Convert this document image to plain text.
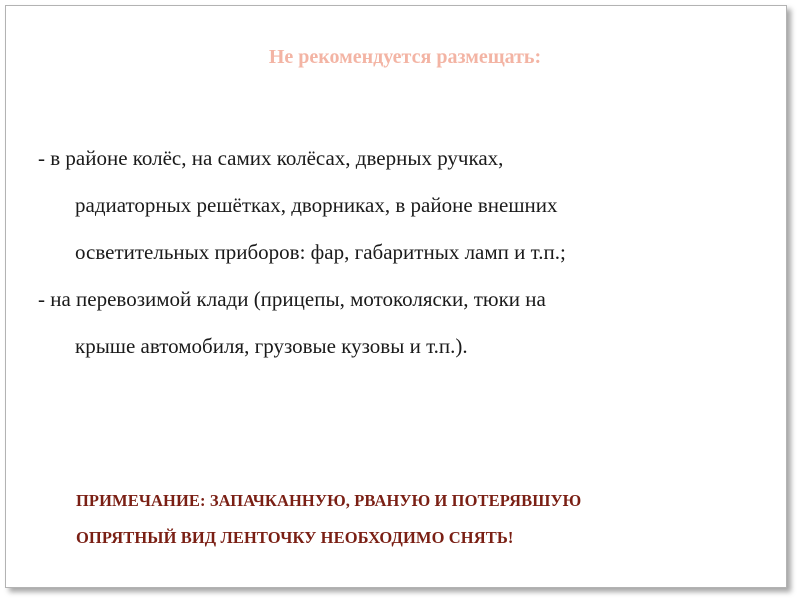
Не рекомендуется размещать:
- в районе колёс, на самих колёсах, дверных ручках,
радиаторных решётках, дворниках, в районе внешних
осветительных приборов: фар, габаритных ламп и т.п.;
- на перевозимой клади (прицепы, мотоколяски, тюки на
крыше автомобиля, грузовые кузовы и т.п.).
ПРИМЕЧАНИЕ: ЗАПАЧКАННУЮ, РВАНУЮ И ПОТЕРЯВШУЮ
ОПРЯТНЫЙ ВИД ЛЕНТОЧКУ НЕОБХОДИМО СНЯТЬ!
